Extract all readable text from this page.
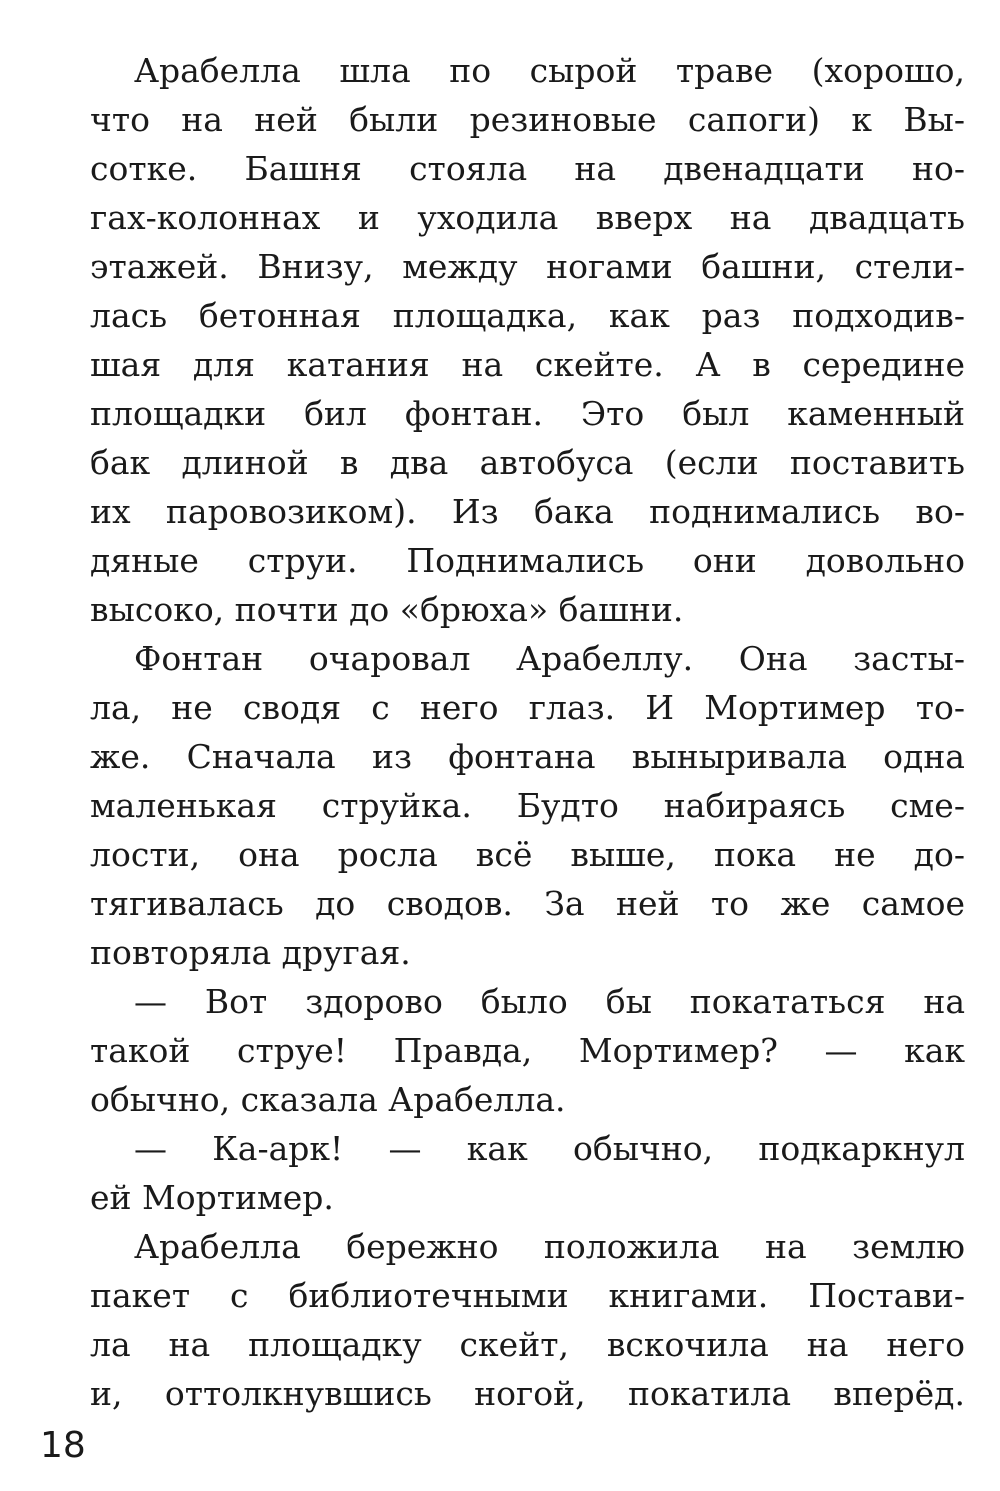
Арабелла шла по сырой траве (хорошо,
что на ней были резиновые сапоги) к Вы-
сотке. Башня стояла на двенадцати но-
гах-колоннах и уходила вверх на двадцать
этажей. Внизу, между ногами башни, стели-
лась бетонная площадка, как раз подходив-
шая для катания на скейте. А в середине
площадки бил фонтан. Это был каменный
бак длиной в два автобуса (если поставить
их паровозиком). Из бака поднимались во-
дяные струи. Поднимались они довольно
высоко, почти до «брюха» башни.
Фонтан очаровал Арабеллу. Она засты-
ла, не сводя с него глаз. И Мортимер то-
же. Сначала из фонтана выныривала одна
маленькая струйка. Будто набираясь сме-
лости, она росла всё выше, пока не до-
тягивалась до сводов. За ней то же самое
повторяла другая.
— Вот здорово было бы покататься на
такой струе! Правда, Мортимер? — как
обычно, сказала Арабелла.
— Ка-арк! — как обычно, подкаркнул
ей Мортимер.
Арабелла бережно положила на землю
пакет с библиотечными книгами. Постави-
ла на площадку скейт, вскочила на него
и, оттолкнувшись ногой, покатила вперёд.
18
